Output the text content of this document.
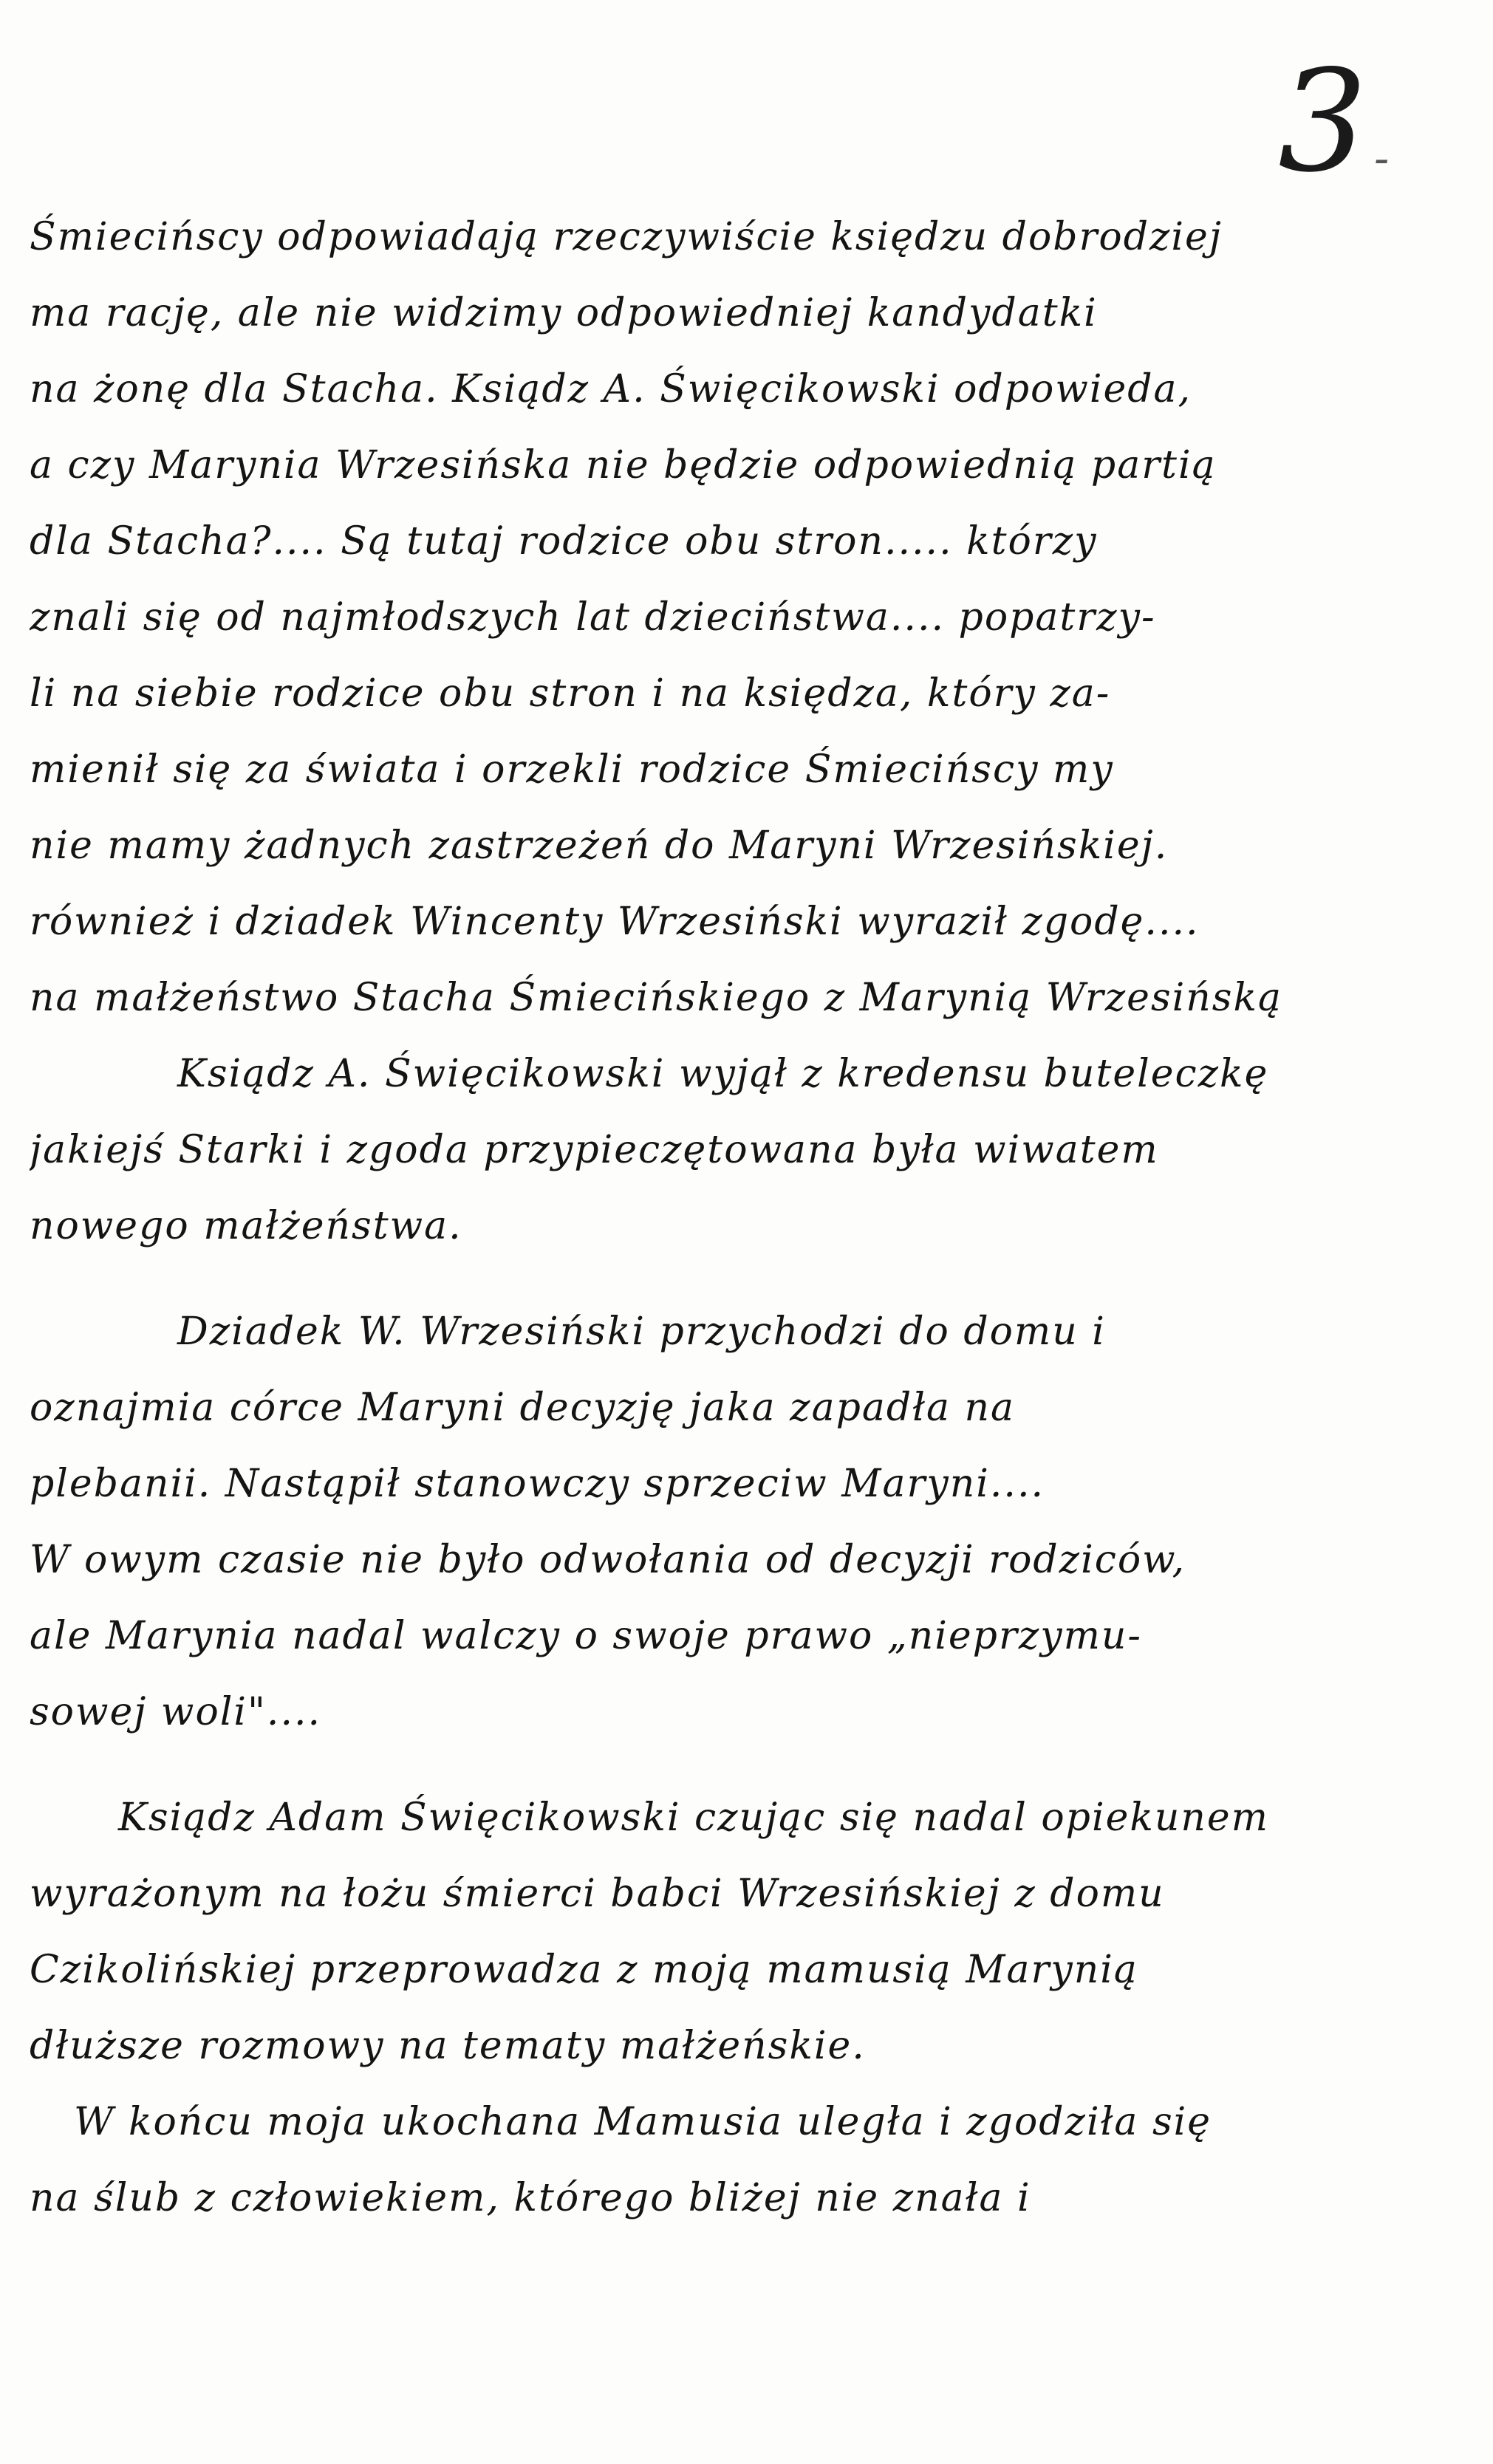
3 -
Śmiecińscy odpowiadają rzeczywiście księdzu dobrodziej
ma rację, ale nie widzimy odpowiedniej kandydatki
na żonę dla Stacha. Ksiądz A. Święcikowski odpowieda,
a czy Marynia Wrzesińska nie będzie odpowiednią partią
dla Stacha?.... Są tutaj rodzice obu stron..... którzy
znali się od najmłodszych lat dzieciństwa.... popatrzy-
li na siebie rodzice obu stron i na księdza, który za-
mienił się za świata i orzekli rodzice Śmiecińscy my
nie mamy żadnych zastrzeżeń do Maryni Wrzesińskiej.
również i dziadek Wincenty Wrzesiński wyraził zgodę....
na małżeństwo Stacha Śmiecińskiego z Marynią Wrzesińską
Ksiądz A. Święcikowski wyjął z kredensu buteleczkę
jakiejś Starki i zgoda przypieczętowana była wiwatem
nowego małżeństwa.
Dziadek W. Wrzesiński przychodzi do domu i
oznajmia córce Maryni decyzję jaka zapadła na
plebanii. Nastąpił stanowczy sprzeciw Maryni....
W owym czasie nie było odwołania od decyzji rodziców,
ale Marynia nadal walczy o swoje prawo „nieprzymu-
sowej woli"....
Ksiądz Adam Święcikowski czując się nadal opiekunem
wyrażonym na łożu śmierci babci Wrzesińskiej z domu
Czikolińskiej przeprowadza z moją mamusią Marynią
dłuższe rozmowy na tematy małżeńskie.
W końcu moja ukochana Mamusia uległa i zgodziła się
na ślub z człowiekiem, którego bliżej nie znała i
